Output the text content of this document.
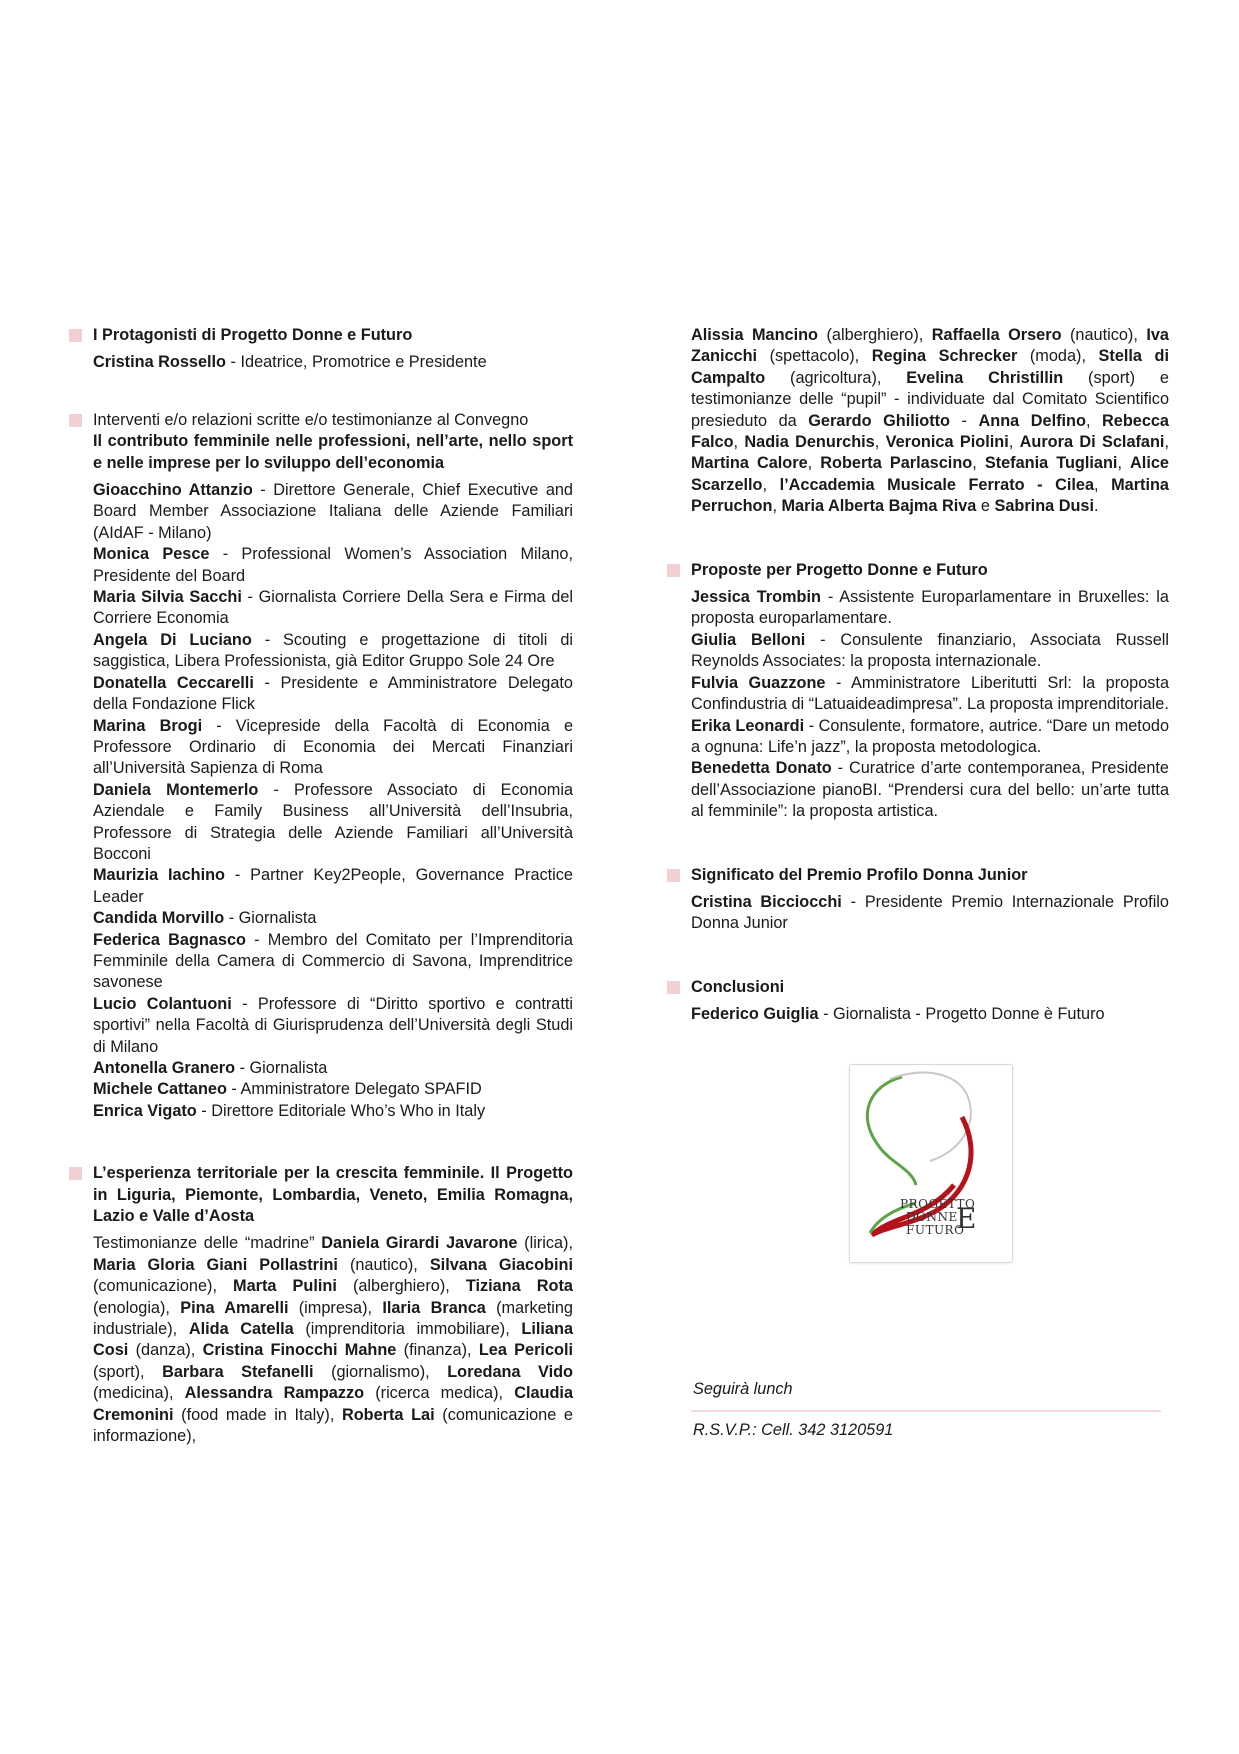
I Protagonisti di Progetto Donne e Futuro
Cristina Rossello - Ideatrice, Promotrice e Presidente
Interventi e/o relazioni scritte e/o testimonianze al Convegno
Il contributo femminile nelle professioni, nell’arte, nello sport e nelle imprese per lo sviluppo dell’economia
Gioacchino Attanzio - Direttore Generale, Chief Executive and Board Member Associazione Italiana delle Aziende Familiari (AIdAF - Milano)
Monica Pesce - Professional Women’s Association Milano, Presidente del Board
Maria Silvia Sacchi - Giornalista Corriere Della Sera e Firma del Corriere Economia
Angela Di Luciano - Scouting e progettazione di titoli di saggistica, Libera Professionista, già Editor Gruppo Sole 24 Ore
Donatella Ceccarelli - Presidente e Amministratore Delegato della Fondazione Flick
Marina Brogi - Vicepreside della Facoltà di Economia e Professore Ordinario di Economia dei Mercati Finanziari all’Università Sapienza di Roma
Daniela Montemerlo - Professore Associato di Economia Aziendale e Family Business all’Università dell’Insubria, Professore di Strategia delle Aziende Familiari all’Università Bocconi
Maurizia Iachino - Partner Key2People, Governance Practice Leader
Candida Morvillo - Giornalista
Federica Bagnasco - Membro del Comitato per l’Imprenditoria Femminile della Camera di Commercio di Savona, Imprenditrice savonese
Lucio Colantuoni - Professore di “Diritto sportivo e contratti sportivi” nella Facoltà di Giurisprudenza dell’Università degli Studi di Milano
Antonella Granero - Giornalista
Michele Cattaneo - Amministratore Delegato SPAFID
Enrica Vigato - Direttore Editoriale Who’s Who in Italy
L’esperienza territoriale per la crescita femminile. Il Progetto in Liguria, Piemonte, Lombardia, Veneto, Emilia Romagna, Lazio e Valle d’Aosta
Testimonianze delle “madrine” Daniela Girardi Javarone (lirica), Maria Gloria Giani Pollastrini (nautico), Silvana Giacobini (comunicazione), Marta Pulini (alberghiero), Tiziana Rota (enologia), Pina Amarelli (impresa), Ilaria Branca (marketing industriale), Alida Catella (imprenditoria immobiliare), Liliana Cosi (danza), Cristina Finocchi Mahne (finanza), Lea Pericoli (sport), Barbara Stefanelli (giornalismo), Loredana Vido (medicina), Alessandra Rampazzo (ricerca medica), Claudia Cremonini (food made in Italy), Roberta Lai (comunicazione e informazione),
Alissia Mancino (alberghiero), Raffaella Orsero (nautico), Iva Zanicchi (spettacolo), Regina Schrecker (moda), Stella di Campalto (agricoltura), Evelina Christillin (sport) e testimonianze delle “pupil” - individuate dal Comitato Scientifico presieduto da Gerardo Ghiliotto - Anna Delfino, Rebecca Falco, Nadia Denurchis, Veronica Piolini, Aurora Di Sclafani, Martina Calore, Roberta Parlascino, Stefania Tugliani, Alice Scarzello, l’Accademia Musicale Ferrato - Cilea, Martina Perruchon, Maria Alberta Bajma Riva e Sabrina Dusi.
Proposte per Progetto Donne e Futuro
Jessica Trombin - Assistente Europarlamentare in Bruxelles: la proposta europarlamentare.
Giulia Belloni - Consulente finanziario, Associata Russell Reynolds Associates: la proposta internazionale.
Fulvia Guazzone - Amministratore Liberitutti Srl: la proposta Confindustria di “Latuaideadimpresa”. La proposta imprenditoriale.
Erika Leonardi - Consulente, formatore, autrice. “Dare un metodo a ognuna: Life’n jazz”, la proposta metodologica.
Benedetta Donato - Curatrice d’arte contemporanea, Presidente dell’Associazione pianoBI. “Prendersi cura del bello: un’arte tutta al femminile”: la proposta artistica.
Significato del Premio Profilo Donna Junior
Cristina Bicciocchi - Presidente Premio Internazionale Profilo Donna Junior
Conclusioni
Federico Guiglia - Giornalista - Progetto Donne è Futuro
PROGETTO
DONNE
FUTURO
E
Seguirà lunch
R.S.V.P.: Cell. 342 3120591
